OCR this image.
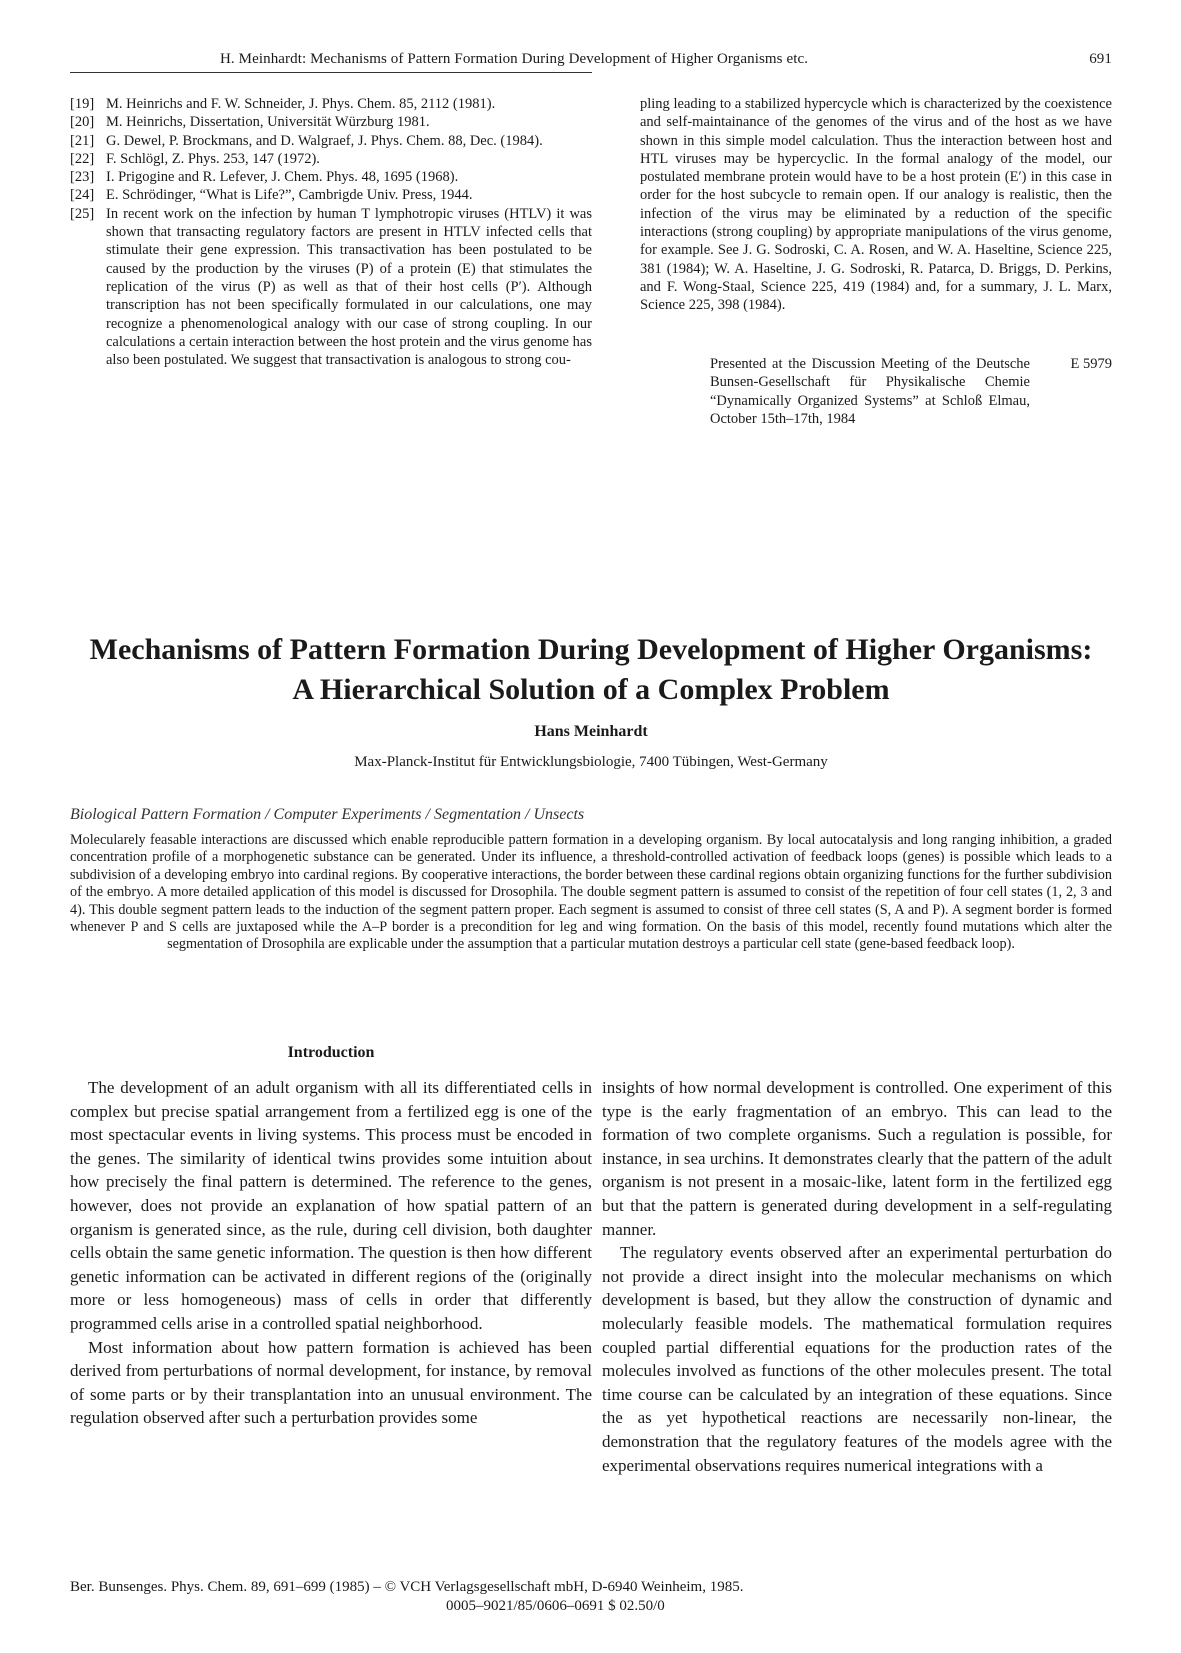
H. Meinhardt: Mechanisms of Pattern Formation During Development of Higher Organisms etc.	691
[19] M. Heinrichs and F. W. Schneider, J. Phys. Chem. 85, 2112 (1981).
[20] M. Heinrichs, Dissertation, Universität Würzburg 1981.
[21] G. Dewel, P. Brockmans, and D. Walgraef, J. Phys. Chem. 88, Dec. (1984).
[22] F. Schlögl, Z. Phys. 253, 147 (1972).
[23] I. Prigogine and R. Lefever, J. Chem. Phys. 48, 1695 (1968).
[24] E. Schrödinger, “What is Life?”, Cambrigde Univ. Press, 1944.
[25] In recent work on the infection by human T lymphotropic viruses (HTLV) it was shown that transacting regulatory factors are present in HTLV infected cells that stimulate their gene expression. This transactivation has been postulated to be caused by the production by the viruses (P) of a protein (E) that stimulates the replication of the virus (P) as well as that of their host cells (P′). Although transcription has not been specifically formulated in our calculations, one may recognize a phenomenological analogy with our case of strong coupling. In our calculations a certain interaction between the host protein and the virus genome has also been postulated. We suggest that transactivation is analogous to strong cou-

pling leading to a stabilized hypercycle which is characterized by the coexistence and self-maintainance of the genomes of the virus and of the host as we have shown in this simple model calculation. Thus the interaction between host and HTL viruses may be hypercyclic. In the formal analogy of the model, our postulated membrane protein would have to be a host protein (E′) in this case in order for the host subcycle to remain open. If our analogy is realistic, then the infection of the virus may be eliminated by a reduction of the specific interactions (strong coupling) by appropriate manipulations of the virus genome, for example. See J. G. Sodroski, C. A. Rosen, and W. A. Haseltine, Science 225, 381 (1984); W. A. Haseltine, J. G. Sodroski, R. Patarca, D. Briggs, D. Perkins, and F. Wong-Staal, Science 225, 419 (1984) and, for a summary, J. L. Marx, Science 225, 398 (1984).

Presented at the Discussion Meeting of the Deutsche Bunsen-Gesellschaft für Physikalische Chemie “Dynamically Organized Systems” at Schloß Elmau, October 15th–17th, 1984
E 5979
Mechanisms of Pattern Formation During Development of Higher Organisms:
A Hierarchical Solution of a Complex Problem
Hans Meinhardt
Max-Planck-Institut für Entwicklungsbiologie, 7400 Tübingen, West-Germany
Biological Pattern Formation / Computer Experiments / Segmentation / Unsects
Molecularely feasable interactions are discussed which enable reproducible pattern formation in a developing organism. By local autocatalysis and long ranging inhibition, a graded concentration profile of a morphogenetic substance can be generated. Under its influence, a threshold-controlled activation of feedback loops (genes) is possible which leads to a subdivision of a developing embryo into cardinal regions. By cooperative interactions, the border between these cardinal regions obtain organizing functions for the further subdivision of the embryo. A more detailed application of this model is discussed for Drosophila. The double segment pattern is assumed to consist of the repetition of four cell states (1, 2, 3 and 4). This double segment pattern leads to the induction of the segment pattern proper. Each segment is assumed to consist of three cell states (S, A and P). A segment border is formed whenever P and S cells are juxtaposed while the A–P border is a precondition for leg and wing formation. On the basis of this model, recently found mutations which alter the segmentation of Drosophila are explicable under the assumption that a particular mutation destroys a particular cell state (gene-based feedback loop).
Introduction

The development of an adult organism with all its differentiated cells in complex but precise spatial arrangement from a fertilized egg is one of the most spectacular events in living systems. This process must be encoded in the genes. The similarity of identical twins provides some intuition about how precisely the final pattern is determined. The reference to the genes, however, does not provide an explanation of how spatial pattern of an organism is generated since, as the rule, during cell division, both daughter cells obtain the same genetic information. The question is then how different genetic information can be activated in different regions of the (originally more or less homogeneous) mass of cells in order that differently programmed cells arise in a controlled spatial neighborhood.

Most information about how pattern formation is achieved has been derived from perturbations of normal development, for instance, by removal of some parts or by their transplantation into an unusual environment. The regulation observed after such a perturbation provides some

insights of how normal development is controlled. One experiment of this type is the early fragmentation of an embryo. This can lead to the formation of two complete organisms. Such a regulation is possible, for instance, in sea urchins. It demonstrates clearly that the pattern of the adult organism is not present in a mosaic-like, latent form in the fertilized egg but that the pattern is generated during development in a self-regulating manner.

The regulatory events observed after an experimental perturbation do not provide a direct insight into the molecular mechanisms on which development is based, but they allow the construction of dynamic and molecularly feasible models. The mathematical formulation requires coupled partial differential equations for the production rates of the molecules involved as functions of the other molecules present. The total time course can be calculated by an integration of these equations. Since the as yet hypothetical reactions are necessarily non-linear, the demonstration that the regulatory features of the models agree with the experimental observations requires numerical integrations with a

Ber. Bunsenges. Phys. Chem. 89, 691–699 (1985) – © VCH Verlagsgesellschaft mbH, D-6940 Weinheim, 1985.
0005–9021/85/0606–0691 $ 02.50/0
